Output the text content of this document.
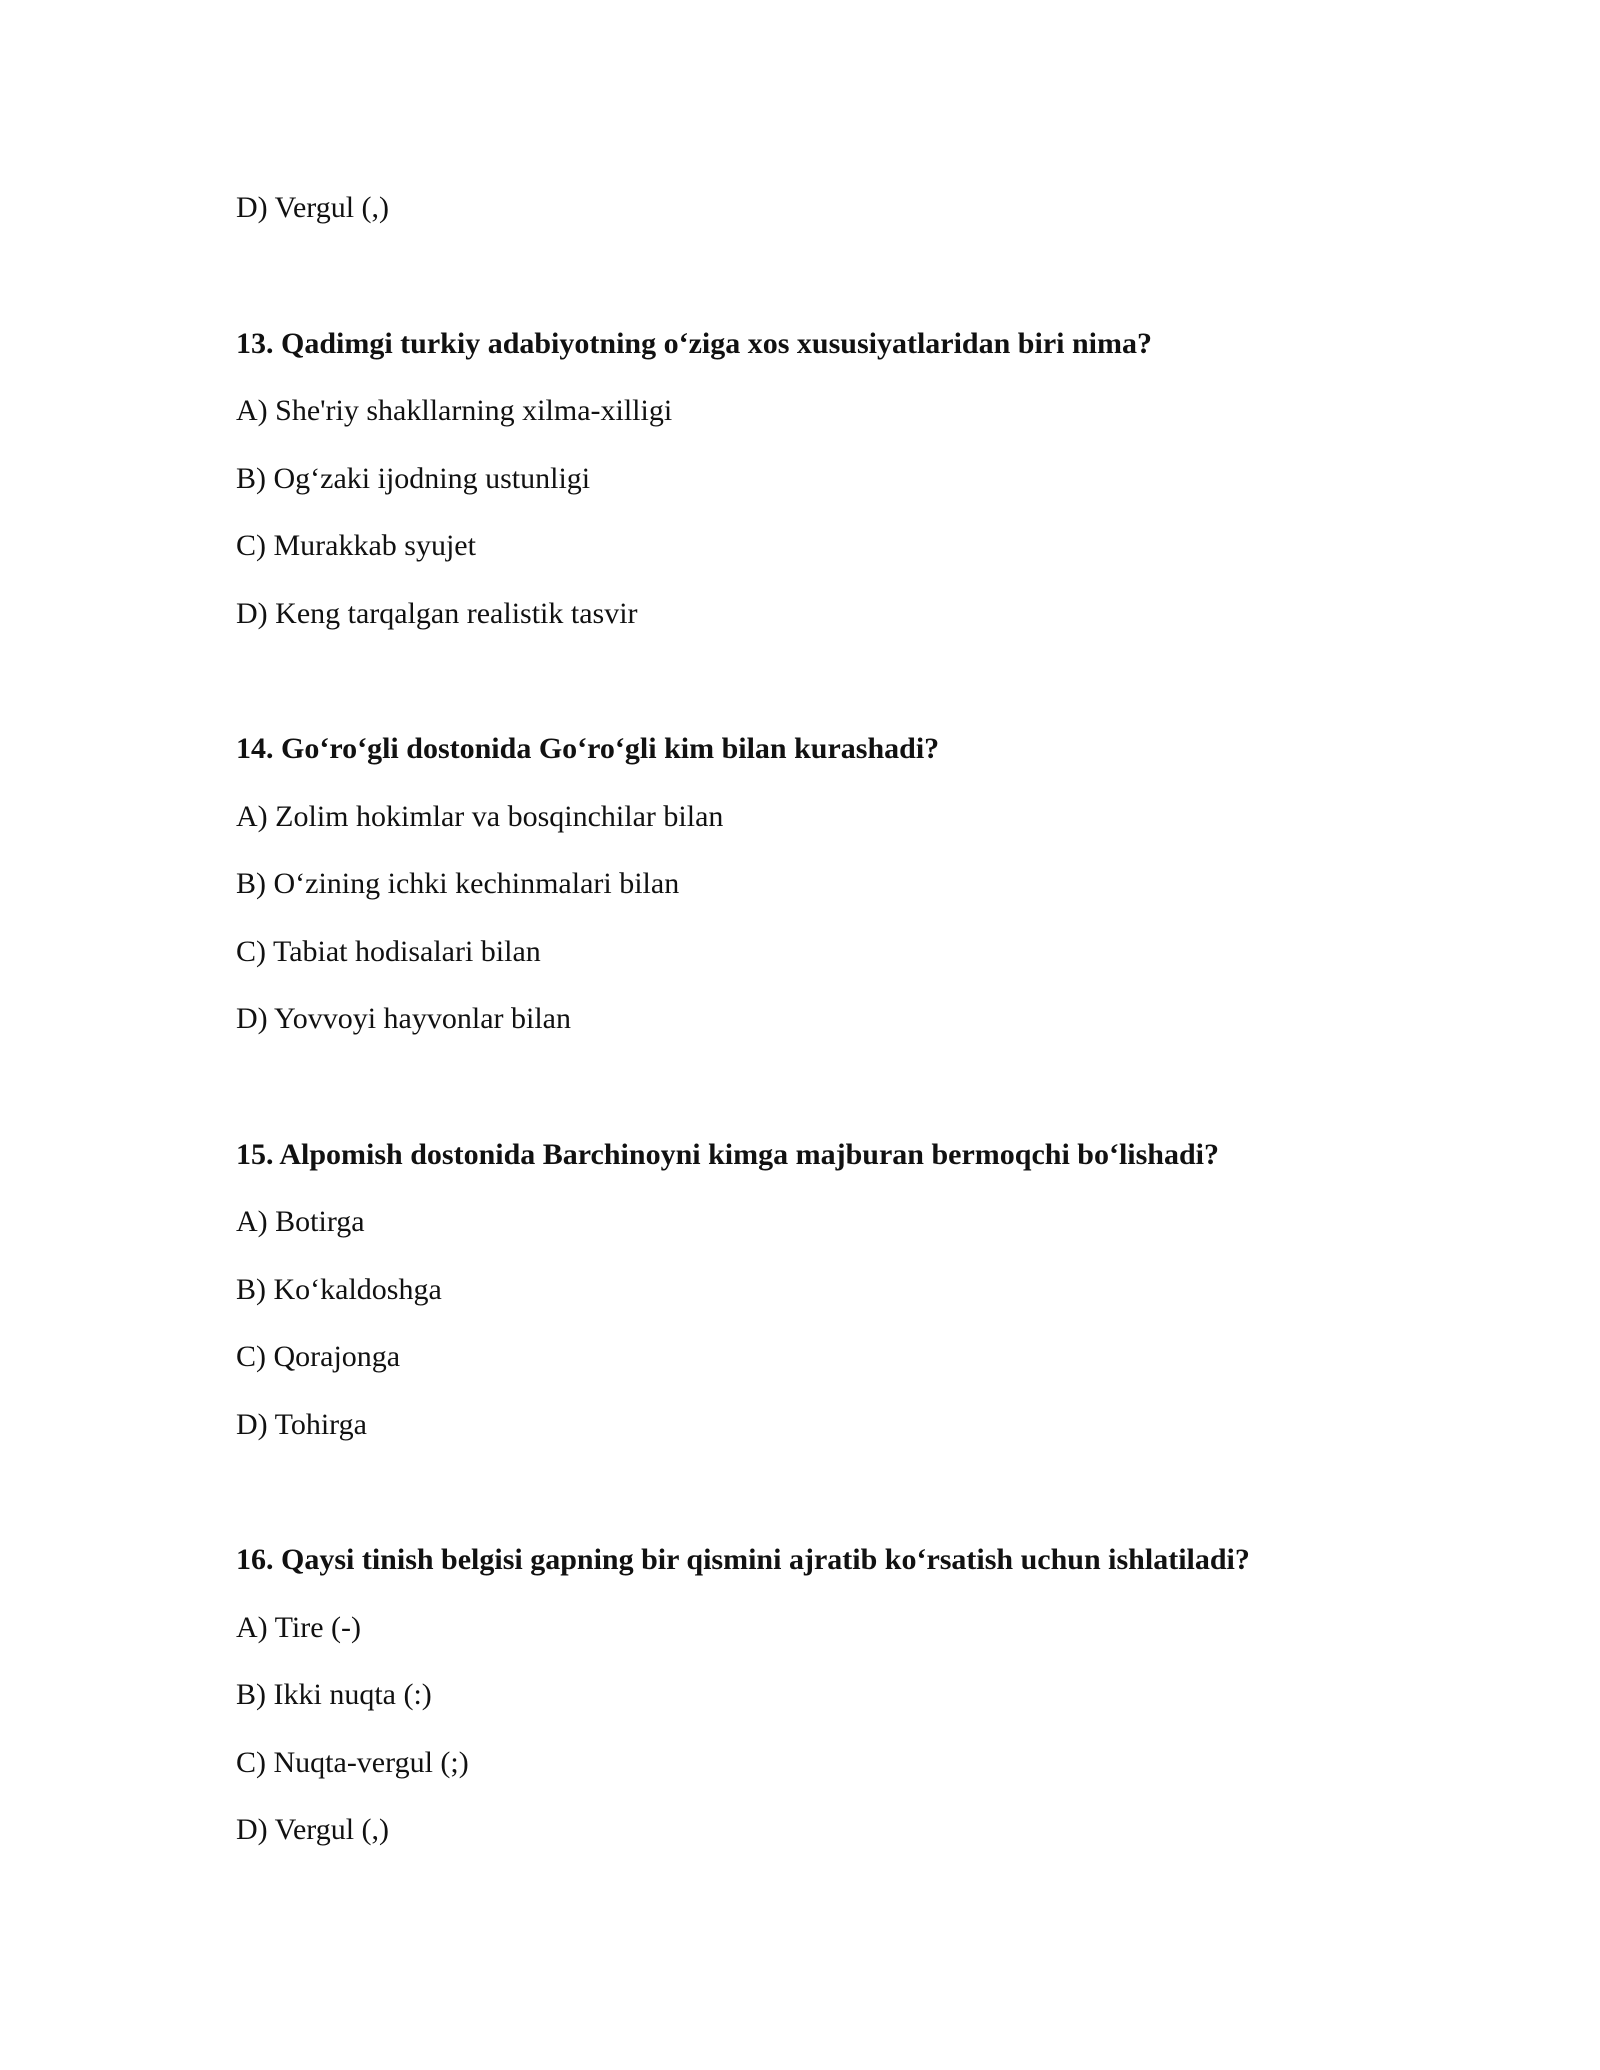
D) Vergul (,)
13. Qadimgi turkiy adabiyotning o‘ziga xos xususiyatlaridan biri nima?
A) She'riy shakllarning xilma-xilligi
B) Og‘zaki ijodning ustunligi
C) Murakkab syujet
D) Keng tarqalgan realistik tasvir
14. Go‘ro‘gli dostonida Go‘ro‘gli kim bilan kurashadi?
A) Zolim hokimlar va bosqinchilar bilan
B) O‘zining ichki kechinmalari bilan
C) Tabiat hodisalari bilan
D) Yovvoyi hayvonlar bilan
15. Alpomish dostonida Barchinoyni kimga majburan bermoqchi bo‘lishadi?
A) Botirga
B) Ko‘kaldoshga
C) Qorajonga
D) Tohirga
16. Qaysi tinish belgisi gapning bir qismini ajratib ko‘rsatish uchun ishlatiladi?
A) Tire (-)
B) Ikki nuqta (:)
C) Nuqta-vergul (;)
D) Vergul (,)
